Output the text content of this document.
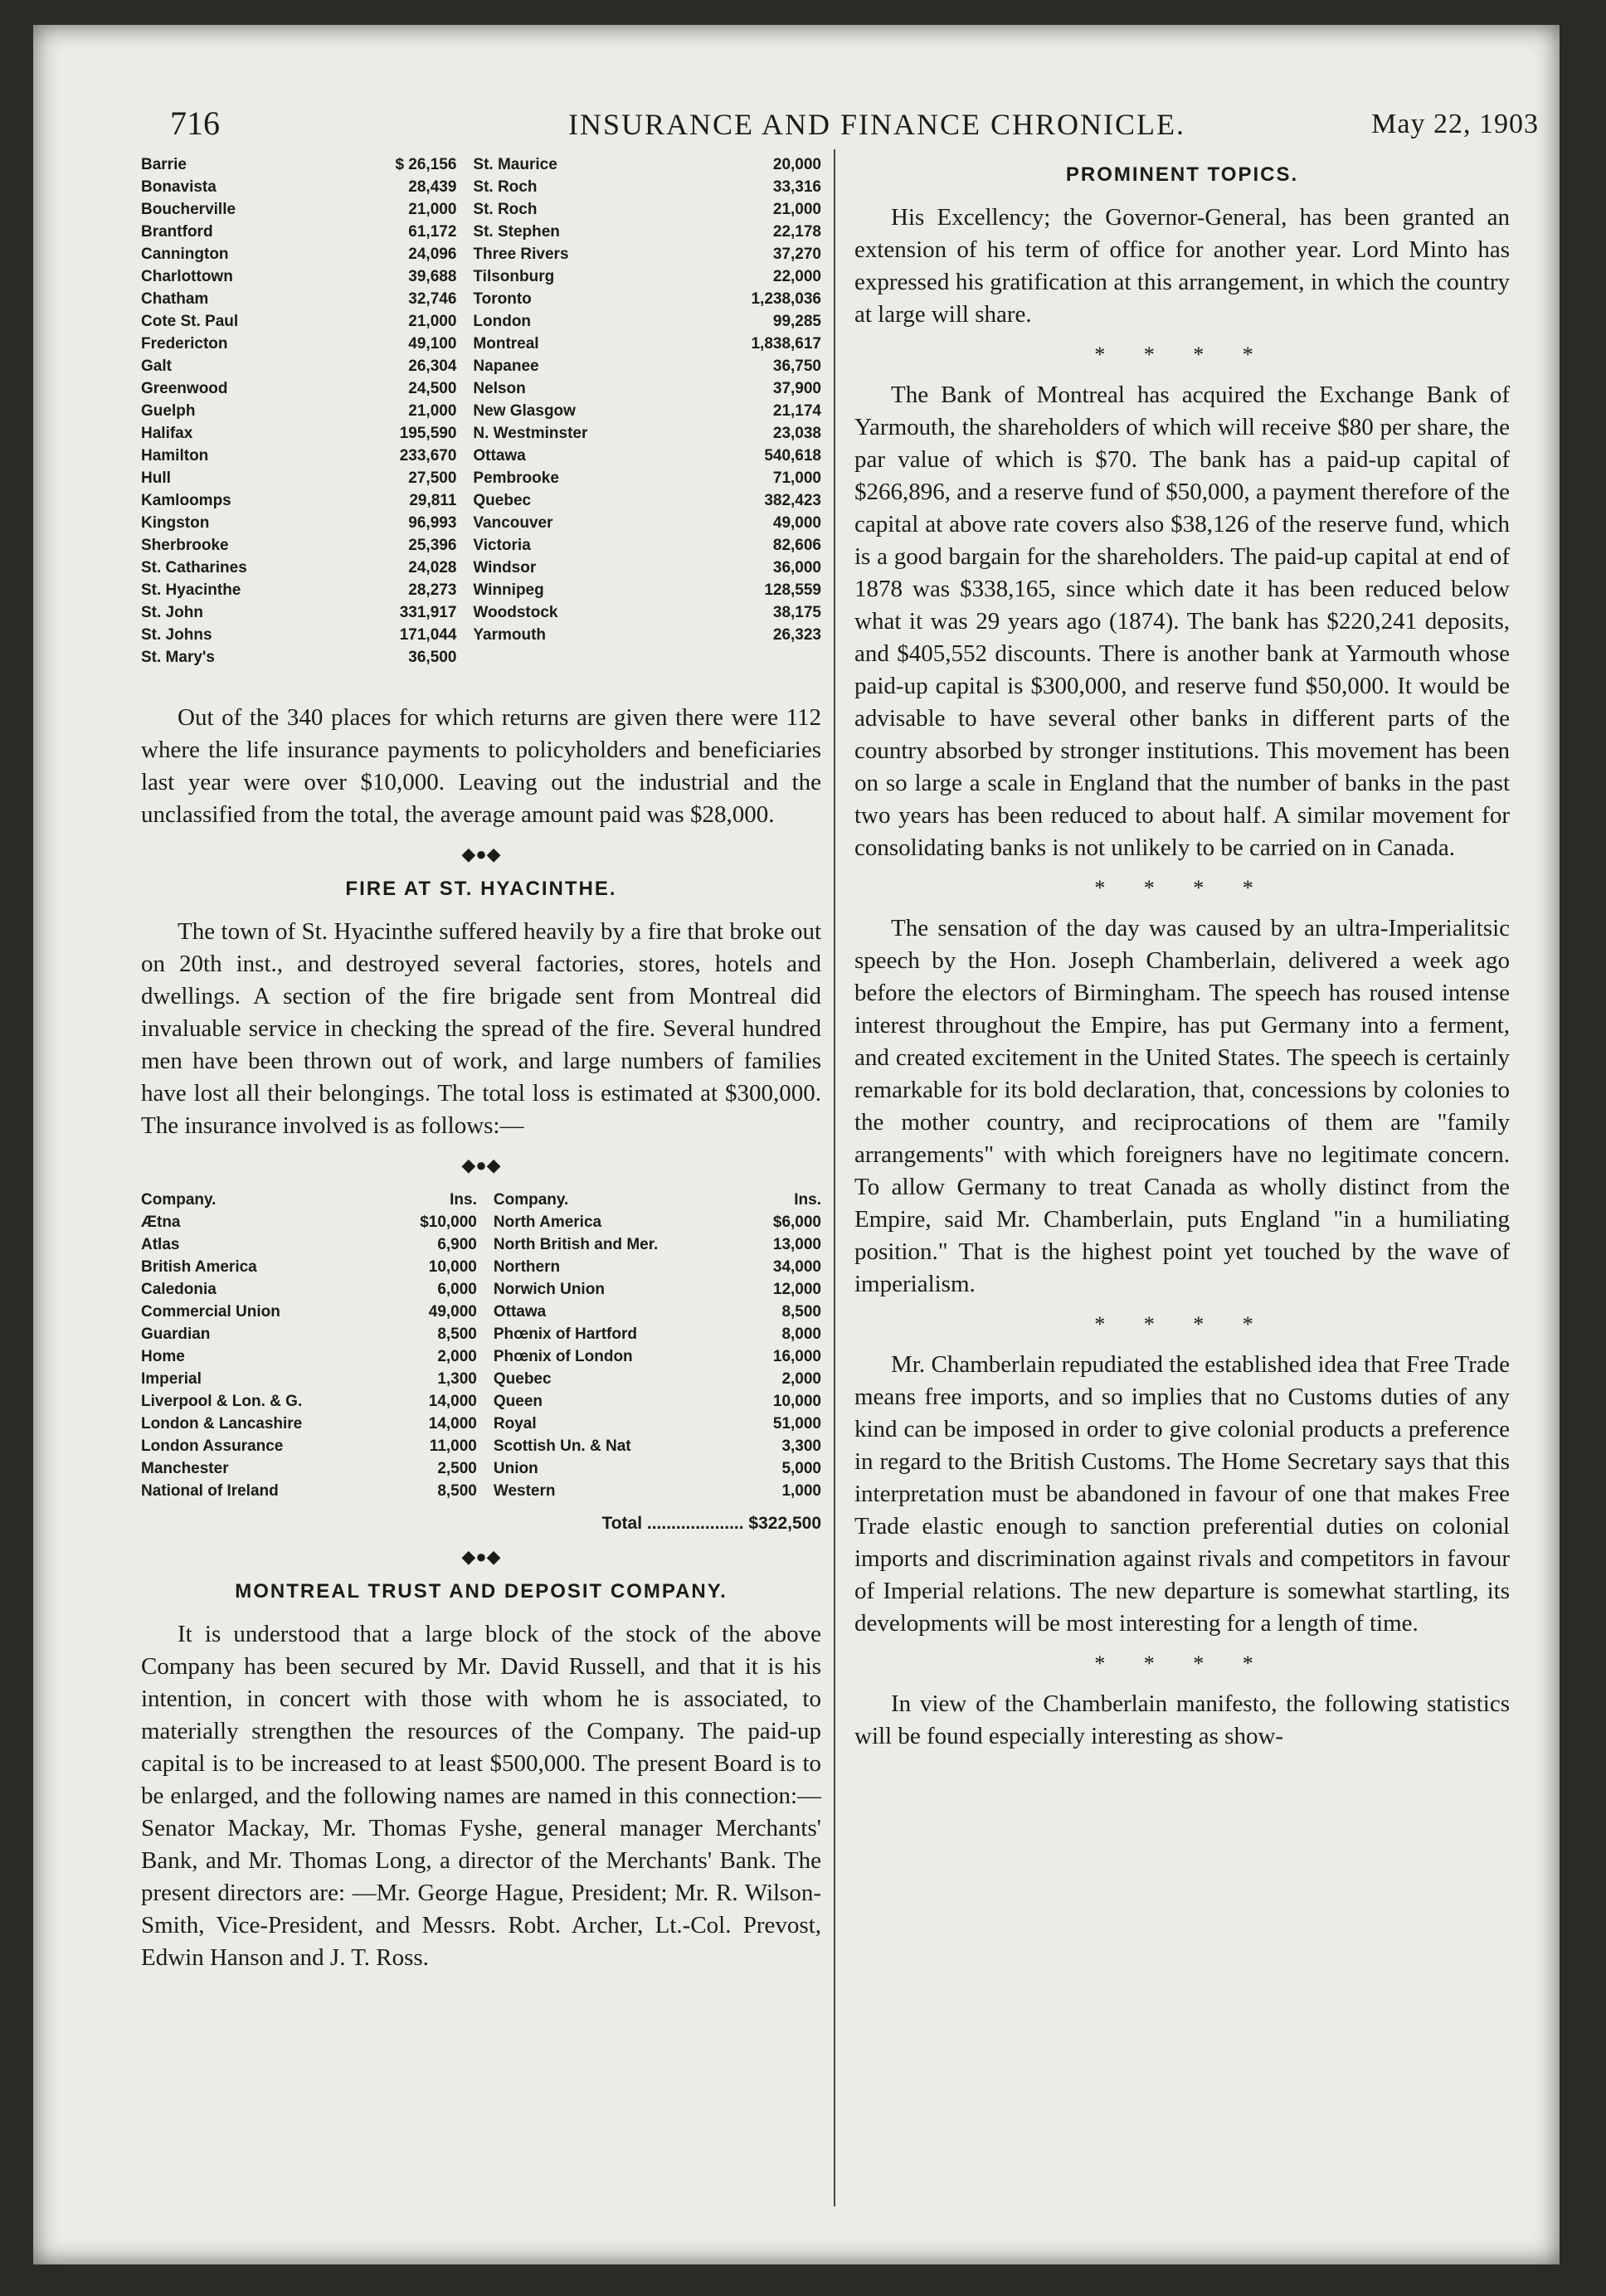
716	INSURANCE AND FINANCE CHRONICLE.	May 22, 1903
Barrie	$ 26,156		St. Maurice	20,000
Bonavista	28,439		St. Roch	33,316
Boucherville	21,000		St. Roch	21,000
Brantford	61,172		St. Stephen	22,178
Cannington	24,096		Three Rivers	37,270
Charlottown	39,688		Tilsonburg	22,000
Chatham	32,746		Toronto	1,238,036
Cote St. Paul	21,000		London	99,285
Fredericton	49,100		Montreal	1,838,617
Galt	26,304		Napanee	36,750
Greenwood	24,500		Nelson	37,900
Guelph	21,000		New Glasgow	21,174
Halifax	195,590		N. Westminster	23,038
Hamilton	233,670		Ottawa	540,618
Hull	27,500		Pembrooke	71,000
Kamloomps	29,811		Quebec	382,423
Kingston	96,993		Vancouver	49,000
Sherbrooke	25,396		Victoria	82,606
St. Catharines	24,028		Windsor	36,000
St. Hyacinthe	28,273		Winnipeg	128,559
St. John	331,917		Woodstock	38,175
St. Johns	171,044		Yarmouth	26,323
St. Mary's	36,500			

Out of the 340 places for which returns are given there were 112 where the life insurance payments to policyholders and beneficiaries last year were over $10,000. Leaving out the industrial and the unclassified from the total, the average amount paid was $28,000.

◆●◆
FIRE AT ST. HYACINTHE.

The town of St. Hyacinthe suffered heavily by a fire that broke out on 20th inst., and destroyed several factories, stores, hotels and dwellings. A section of the fire brigade sent from Montreal did invaluable service in checking the spread of the fire. Several hundred men have been thrown out of work, and large numbers of families have lost all their belongings. The total loss is estimated at $300,000. The insurance involved is as follows:—

◆●◆
Company.	Ins.		Company.	Ins.
Ætna	$10,000		North America	$6,000
Atlas	6,900		North British and Mer.	13,000
British America	10,000		Northern	34,000
Caledonia	6,000		Norwich Union	12,000
Commercial Union	49,000		Ottawa	8,500
Guardian	8,500		Phœnix of Hartford	8,000
Home	2,000		Phœnix of London	16,000
Imperial	1,300		Quebec	2,000
Liverpool & Lon. & G.	14,000		Queen	10,000
London & Lancashire	14,000		Royal	51,000
London Assurance	11,000		Scottish Un. & Nat	3,300
Manchester	2,500		Union	5,000
National of Ireland	8,500		Western	1,000
Total .................... $322,500
◆●◆
MONTREAL TRUST AND DEPOSIT COMPANY.

It is understood that a large block of the stock of the above Company has been secured by Mr. David Russell, and that it is his intention, in concert with those with whom he is associated, to materially strengthen the resources of the Company. The paid-up capital is to be increased to at least $500,000. The present Board is to be enlarged, and the following names are named in this connection:—Senator Mackay, Mr. Thomas Fyshe, general manager Merchants' Bank, and Mr. Thomas Long, a director of the Merchants' Bank. The present directors are: —Mr. George Hague, President; Mr. R. Wilson-Smith, Vice-President, and Messrs. Robt. Archer, Lt.-Col. Prevost, Edwin Hanson and J. T. Ross.

PROMINENT TOPICS.

His Excellency; the Governor-General, has been granted an extension of his term of office for another year. Lord Minto has expressed his gratification at this arrangement, in which the country at large will share.

* * * *

The Bank of Montreal has acquired the Exchange Bank of Yarmouth, the shareholders of which will receive $80 per share, the par value of which is $70. The bank has a paid-up capital of $266,896, and a reserve fund of $50,000, a payment therefore of the capital at above rate covers also $38,126 of the reserve fund, which is a good bargain for the shareholders. The paid-up capital at end of 1878 was $338,165, since which date it has been reduced below what it was 29 years ago (1874). The bank has $220,241 deposits, and $405,552 discounts. There is another bank at Yarmouth whose paid-up capital is $300,000, and reserve fund $50,000. It would be advisable to have several other banks in different parts of the country absorbed by stronger institutions. This movement has been on so large a scale in England that the number of banks in the past two years has been reduced to about half. A similar movement for consolidating banks is not unlikely to be carried on in Canada.

* * * *

The sensation of the day was caused by an ultra-Imperialitsic speech by the Hon. Joseph Chamberlain, delivered a week ago before the electors of Birmingham. The speech has roused intense interest throughout the Empire, has put Germany into a ferment, and created excitement in the United States. The speech is certainly remarkable for its bold declaration, that, concessions by colonies to the mother country, and reciprocations of them are "family arrangements" with which foreigners have no legitimate concern. To allow Germany to treat Canada as wholly distinct from the Empire, said Mr. Chamberlain, puts England "in a humiliating position." That is the highest point yet touched by the wave of imperialism.

* * * *

Mr. Chamberlain repudiated the established idea that Free Trade means free imports, and so implies that no Customs duties of any kind can be imposed in order to give colonial products a preference in regard to the British Customs. The Home Secretary says that this interpretation must be abandoned in favour of one that makes Free Trade elastic enough to sanction preferential duties on colonial imports and discrimination against rivals and competitors in favour of Imperial relations. The new departure is somewhat startling, its developments will be most interesting for a length of time.

* * * *

In view of the Chamberlain manifesto, the following statistics will be found especially interesting as show-
